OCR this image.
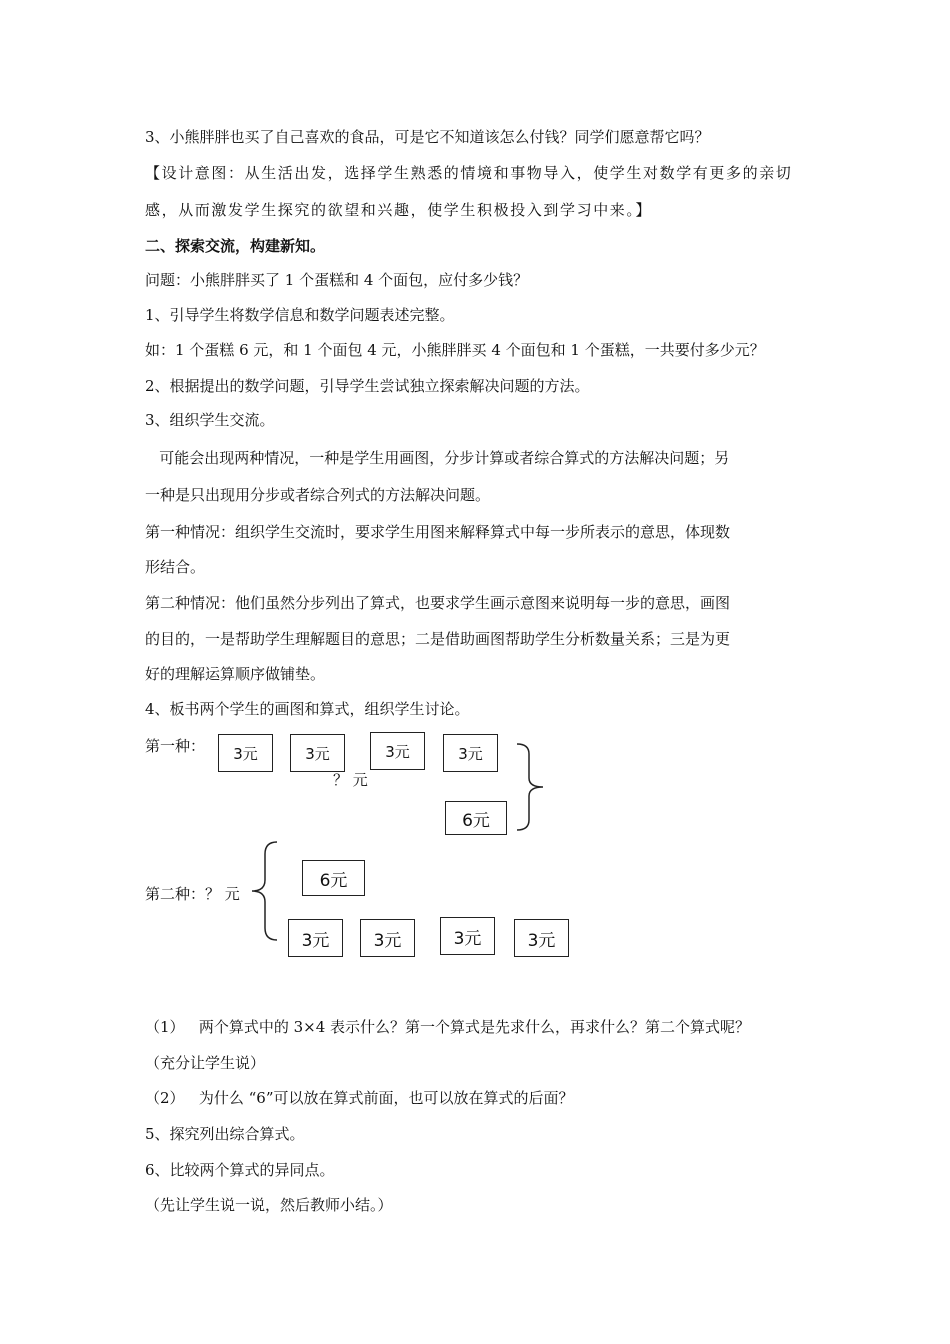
3、小熊胖胖也买了自己喜欢的食品，可是它不知道该怎么付钱？同学们愿意帮它吗？
【设计意图：从生活出发，选择学生熟悉的情境和事物导入，使学生对数学有更多的亲切
感，从而激发学生探究的欲望和兴趣，使学生积极投入到学习中来。】
二、探索交流，构建新知。
问题：小熊胖胖买了 1 个蛋糕和 4 个面包，应付多少钱？
1、引导学生将数学信息和数学问题表述完整。
如：1 个蛋糕 6 元，和 1 个面包 4 元，小熊胖胖买 4 个面包和 1 个蛋糕，一共要付多少元？
2、根据提出的数学问题，引导学生尝试独立探索解决问题的方法。
3、组织学生交流。
可能会出现两种情况，一种是学生用画图，分步计算或者综合算式的方法解决问题；另
一种是只出现用分步或者综合列式的方法解决问题。
第一种情况：组织学生交流时，要求学生用图来解释算式中每一步所表示的意思，体现数
形结合。
第二种情况：他们虽然分步列出了算式，也要求学生画示意图来说明每一步的意思，画图
的目的，一是帮助学生理解题目的意思；二是借助画图帮助学生分析数量关系；三是为更
好的理解运算顺序做铺垫。
4、板书两个学生的画图和算式，组织学生讨论。
第一种：	3元	3元	3元	3元
？ 元
6元
第二种：？ 元
6元
3元	3元	3元	3元
（1）   两个算式中的 3×4 表示什么？第一个算式是先求什么，再求什么？第二个算式呢？
（充分让学生说）
（2）   为什么 “6”可以放在算式前面，也可以放在算式的后面？
5、探究列出综合算式。
6、比较两个算式的异同点。
（先让学生说一说，然后教师小结。）
